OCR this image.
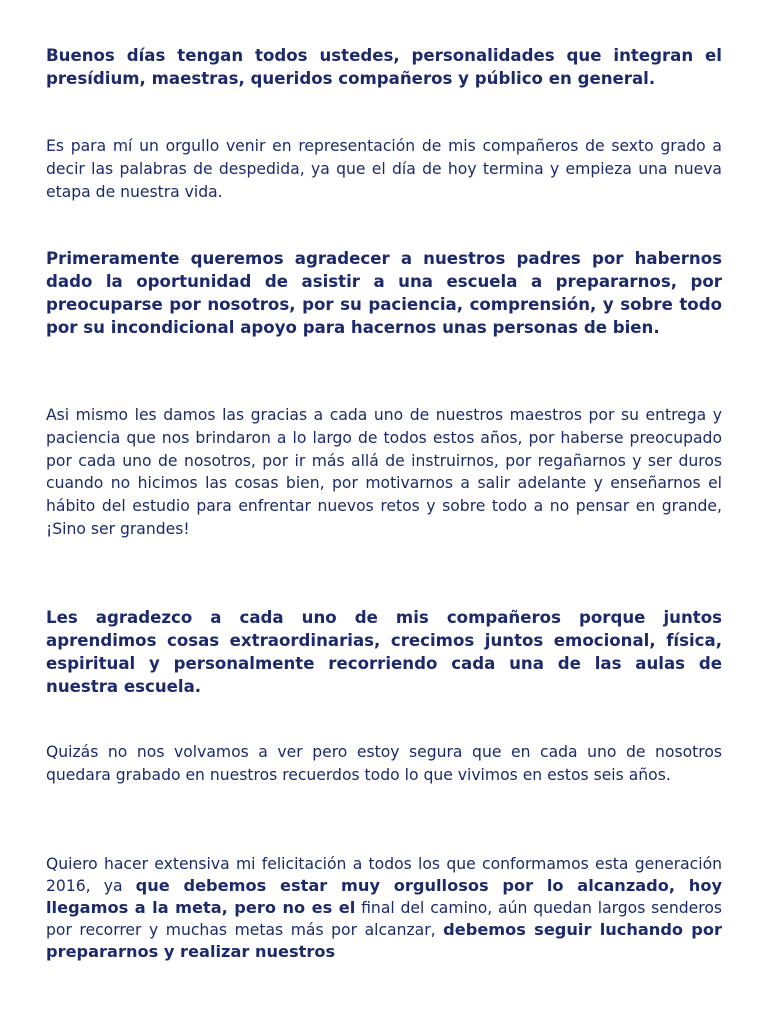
Buenos días tengan todos ustedes, personalidades que integran el presídium, maestras, queridos compañeros y público en general.

Es para mí un orgullo venir en representación de mis compañeros de sexto grado a decir las palabras de despedida, ya que el día de hoy termina y empieza una nueva etapa de nuestra vida.

Primeramente queremos agradecer a nuestros padres por habernos dado la oportunidad de asistir a una escuela a prepararnos, por preocuparse por nosotros, por su paciencia, comprensión, y sobre todo por su incondicional apoyo para hacernos unas personas de bien.

Asi mismo les damos las gracias a cada uno de nuestros maestros por su entrega y paciencia que nos brindaron a lo largo de todos estos años, por haberse preocupado por cada uno de nosotros, por ir más allá de instruirnos, por regañarnos y ser duros cuando no hicimos las cosas bien, por motivarnos a salir adelante y enseñarnos el hábito del estudio para enfrentar nuevos retos y sobre todo a no pensar en grande, ¡Sino ser grandes!

Les agradezco a cada uno de mis compañeros porque juntos aprendimos cosas extraordinarias, crecimos juntos emocional, física, espiritual y personalmente recorriendo cada una de las aulas de nuestra escuela.

Quizás no nos volvamos a ver pero estoy segura que en cada uno de nosotros quedara grabado en nuestros recuerdos todo lo que vivimos en estos seis años.

Quiero hacer extensiva mi felicitación a todos los que conformamos esta generación 2016, ya que debemos estar muy orgullosos por lo alcanzado, hoy llegamos a la meta, pero no es el final del camino, aún quedan largos senderos por recorrer y muchas metas más por alcanzar, debemos seguir luchando por prepararnos y realizar nuestros
